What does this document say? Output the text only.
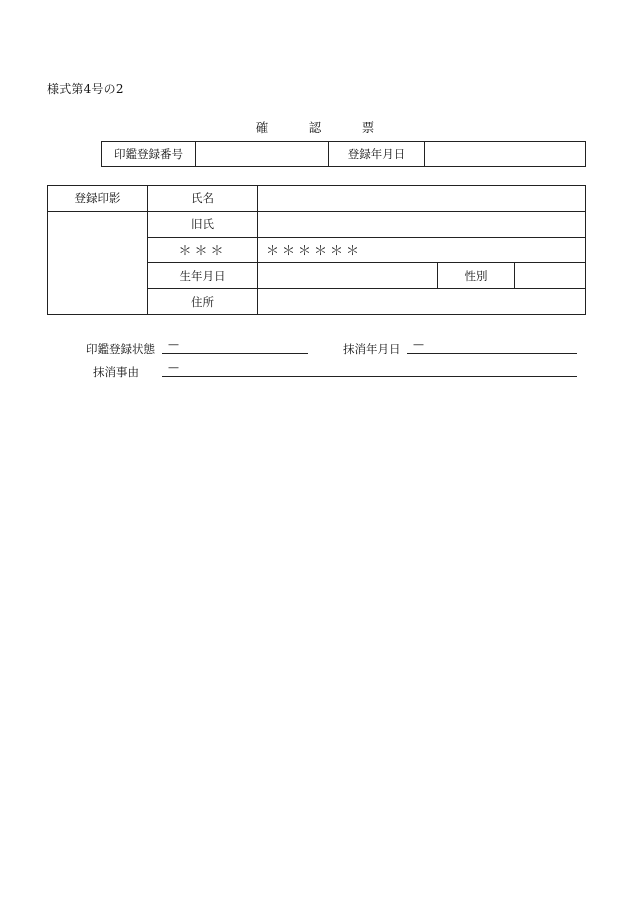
様式第4号の2
確　認　票
印鑑登録番号		登録年月日	
登録印影	氏名			
	旧氏			
	＊＊＊	＊＊＊＊＊＊		
	生年月日		性別	
	住所			
印鑑登録状態	—	抹消年月日	—
抹消事由	—
